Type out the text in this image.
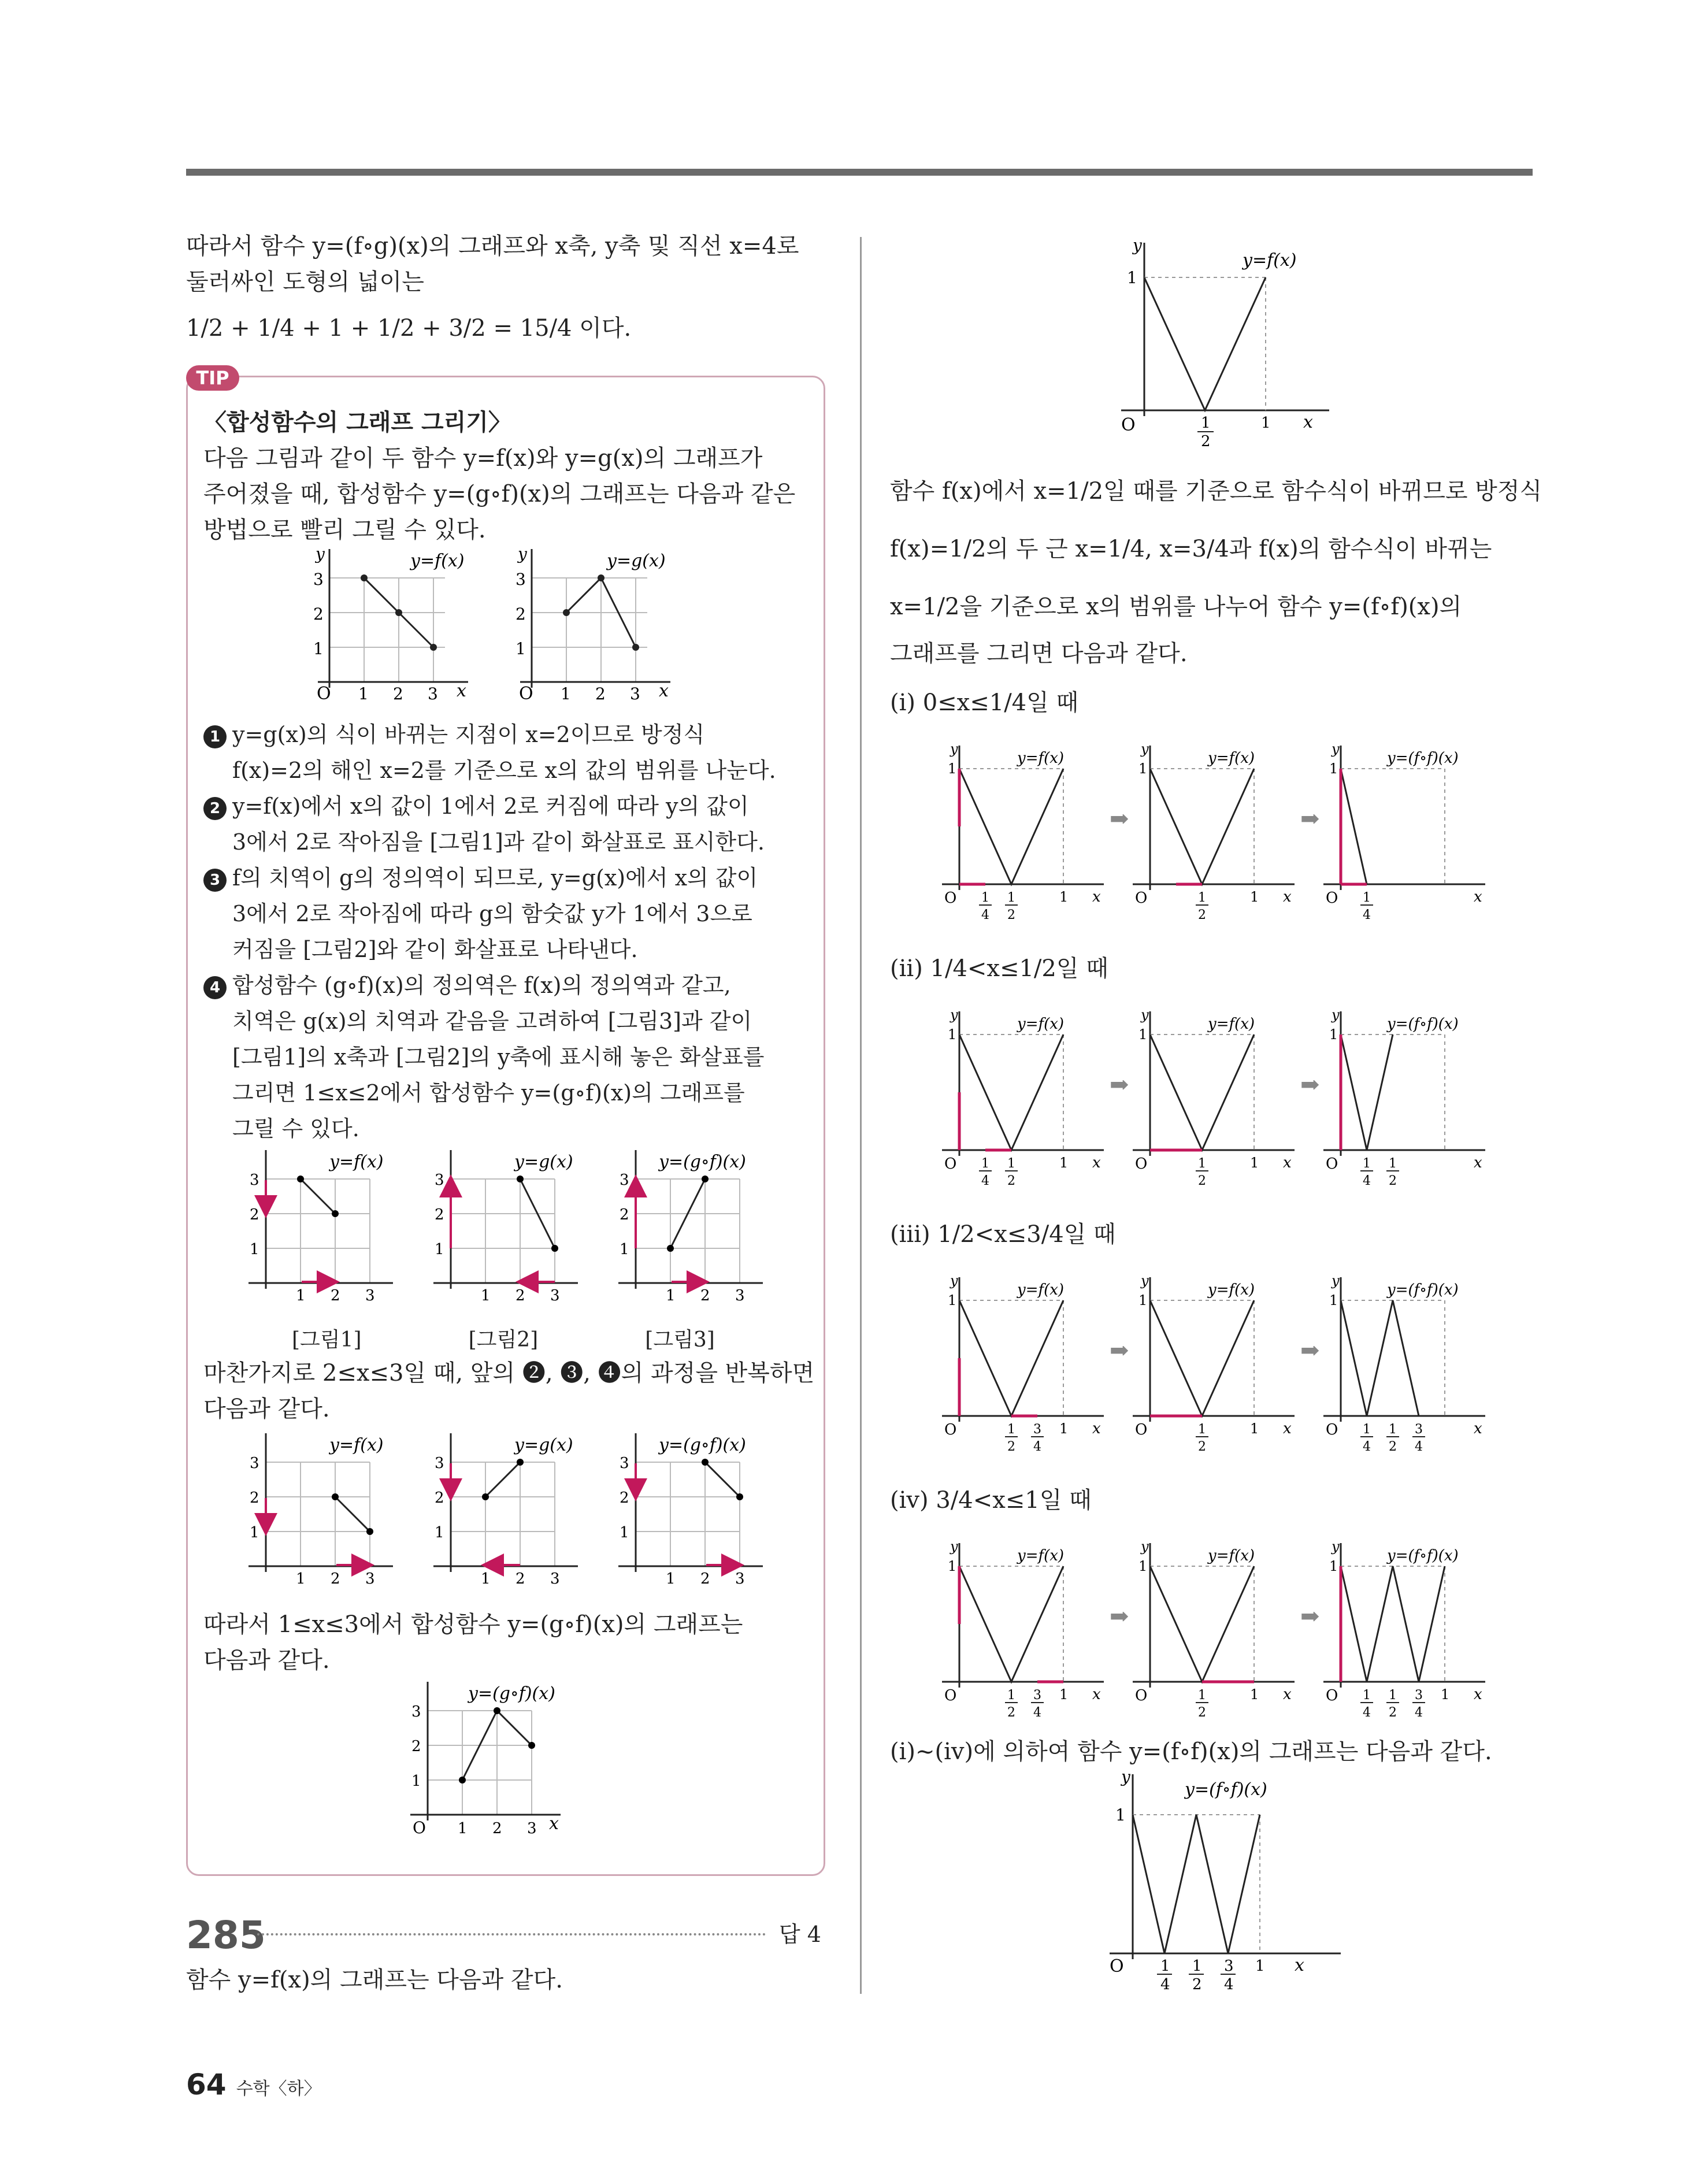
따라서 함수 y=(f∘g)(x)의 그래프와 x축, y축 및 직선 x=4로
둘러싸인 도형의 넓이는
1/2 + 1/4 + 1 + 1/2 + 3/2 = 15/4 이다.
TIP
〈합성함수의 그래프 그리기〉
다음 그림과 같이 두 함수 y=f(x)와 y=g(x)의 그래프가
주어졌을 때, 합성함수 y=(g∘f)(x)의 그래프는 다음과 같은
방법으로 빨리 그릴 수 있다.
O 1 2 3 x
3
2
1
y	y=f(x)
O 1 2 3 x
3
2
1
y	y=g(x)
1 y=g(x)의 식이 바뀌는 지점이 x=2이므로 방정식
f(x)=2의 해인 x=2를 기준으로 x의 값의 범위를 나눈다.
2 y=f(x)에서 x의 값이 1에서 2로 커짐에 따라 y의 값이
3에서 2로 작아짐을 [그림1]과 같이 화살표로 표시한다.
3 f의 치역이 g의 정의역이 되므로, y=g(x)에서 x의 값이
3에서 2로 작아짐에 따라 g의 함숫값 y가 1에서 3으로
커짐을 [그림2]와 같이 화살표로 나타낸다.
4 합성함수 (g∘f)(x)의 정의역은 f(x)의 정의역과 같고,
치역은 g(x)의 치역과 같음을 고려하여 [그림3]과 같이
[그림1]의 x축과 [그림2]의 y축에 표시해 놓은 화살표를
그리면 1≤x≤2에서 합성함수 y=(g∘f)(x)의 그래프를
그릴 수 있다.
y=f(x)
3
2
1
1 2 3
y=g(x)
3
2
1
1 2 3
y=(g∘f)(x)
3
2
1
1 2 3
[그림1]	[그림2]	[그림3]
마찬가지로 2≤x≤3일 때, 앞의 ❷, ❸, ❹의 과정을 반복하면
다음과 같다.
y=f(x)
3
2
1
1 2 3
y=g(x)
3
2
1
1 2 3
y=(g∘f)(x)
3
2
1
1 2 3
따라서 1≤x≤3에서 합성함수 y=(g∘f)(x)의 그래프는
다음과 같다.
y=(g∘f)(x)
3
2
1
1 2 3
O	x
285	답 4
함수 y=f(x)의 그래프는 다음과 같다.
1
O	1
2
1 x
y
y=f(x)
함수 f(x)에서 x=1/2일 때를 기준으로 함수식이 바뀌므로 방정식
f(x)=1/2의 두 근 x=1/4, x=3/4과 f(x)의 함수식이 바뀌는
x=1/2을 기준으로 x의 범위를 나누어 함수 y=(f∘f)(x)의
그래프를 그리면 다음과 같다.
(i) 0≤x≤1/4일 때
(ii) 1/4<x≤1/2일 때
(iii) 1/2<x≤3/4일 때
(iv) 3/4<x≤1일 때
O
1
x
y
y=f(x)
1
4
1
2
1
➡
O
1
x
y
y=f(x)
1
2
1
➡
O
1
x
y
y=(f∘f)(x)
1
4
O
1
x
y
y=f(x)
1
4
1
2
1
➡
O
1
x
y
y=f(x)
1
2
1
➡
O
1
x
y
y=(f∘f)(x)
1
4
1
2
O
1
x
y
y=f(x)
1
2
3
4
1
➡
O
1
x
y
y=f(x)
1
2
1
➡
O
1
x
y
y=(f∘f)(x)
1
4
1
2
3
4
O
1
x
y
y=f(x)
1
2
3
4
1
➡
O
1
x
y
y=f(x)
1
2
1
➡
O
1
x
y
y=(f∘f)(x)
1
4
1
2
3
4
1
(i)~(iv)에 의하여 함수 y=(f∘f)(x)의 그래프는 다음과 같다.
1
O 1
4
1
2
3
4
1 x
y
y=(f∘f)(x)
64 수학〈하〉
